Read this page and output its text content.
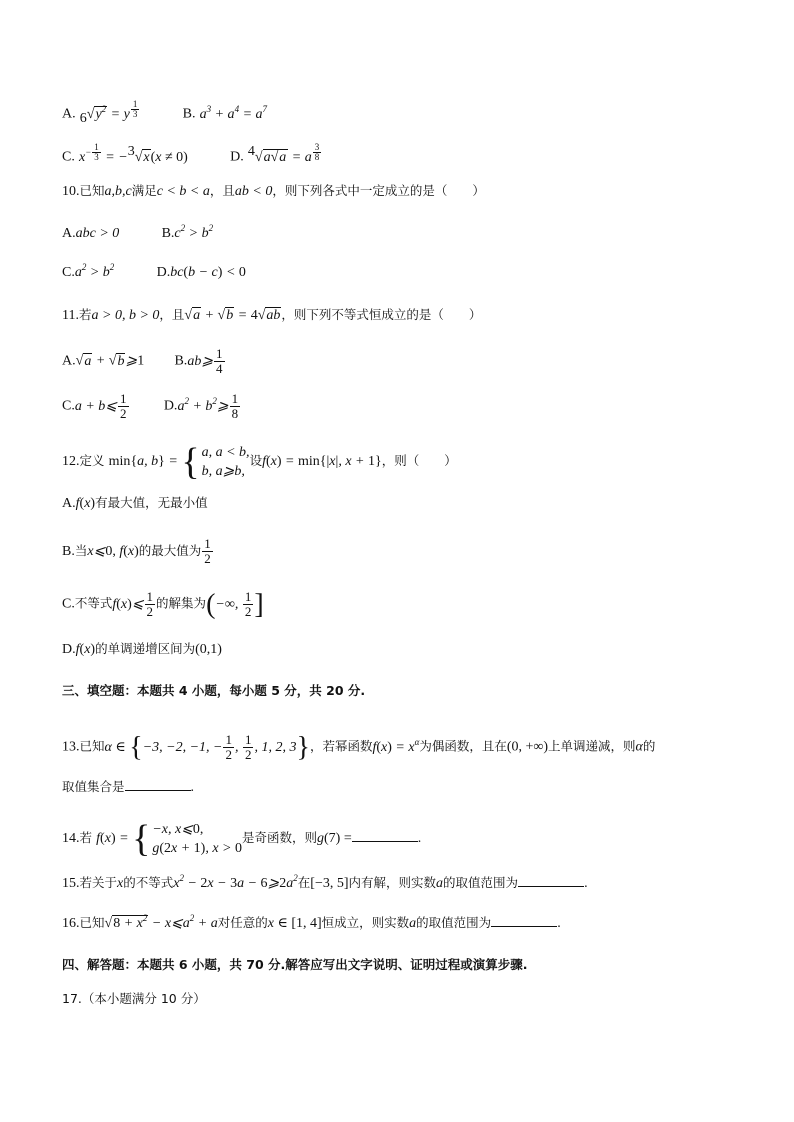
A. $_6√y^2 = y$ $^{\frac{1}{3}}$	B. $a^3 + a^4 = a^7$
C. $x^{- \frac{1}{3}} = -^3√x(x \ne 0)$	D. $^4$√a√a = a $^{\frac{3}{8}}$
10.已知a,b,c满足c < b < a，且ab < 0，则下列各式中一定成立的是（　　）
A.abc > 0	$B.c^2 > b^2$
$C.a^2 > b^2$	D.bc(b − c) < 0
11.若a > 0, b > 0，且√a + √b = 4√ab，则下列不等式恒成立的是（　　）
A.√a + √b⩾1 B.ab⩾ $\frac{1}{4}$
C.a + b⩽ $\frac{1}{2}$	$D.a^2$ + $b^2⩾ \frac{1}{8}$
12.定义 min{a, b} = { a, a < b,
b, a⩾b,
设f(x) = min{|x|, x + 1}，则（　　）
A.f(x)有最大值，无最小值
B.当x⩽0, f(x)的最大值为 $\frac{1}{2}$
C.不等式f(x)⩽ $\frac{1}{2}$ 的解集为(−∞, $\frac{1}{2}$ ]
D.f(x)的单调递增区间为(0,1)
三、填空题：本题共 4 小题，每小题 5 分，共 20 分.
13.已知α ∈ {−3, −2, −1, − $\frac{1}{2}$ , $\frac{1}{2}$ , 1, 2, 3}，若幂函数$f(x) = x^\alpha$为偶函数，且在(0, +∞)上单调递减，则α的
取值集合是	.
14.若 f(x) = { −x, x⩽0,
g(2x + 1), x > 0
是奇函数，则g(7) =	.
15.若关于x的不等式$x^2 - 2x - 3a$ − $6⩾2a^2$在[−3, 5]内有解，则实数a的取值范围为	.
16.已知$√8 + x^2$ − $x⩽a^2 + a$对任意的x ∈ [1, 4]恒成立，则实数a的取值范围为	.
四、解答题：本题共 6 小题，共 70 分.解答应写出文字说明、证明过程或演算步骤.
17.（本小题满分 10 分）
